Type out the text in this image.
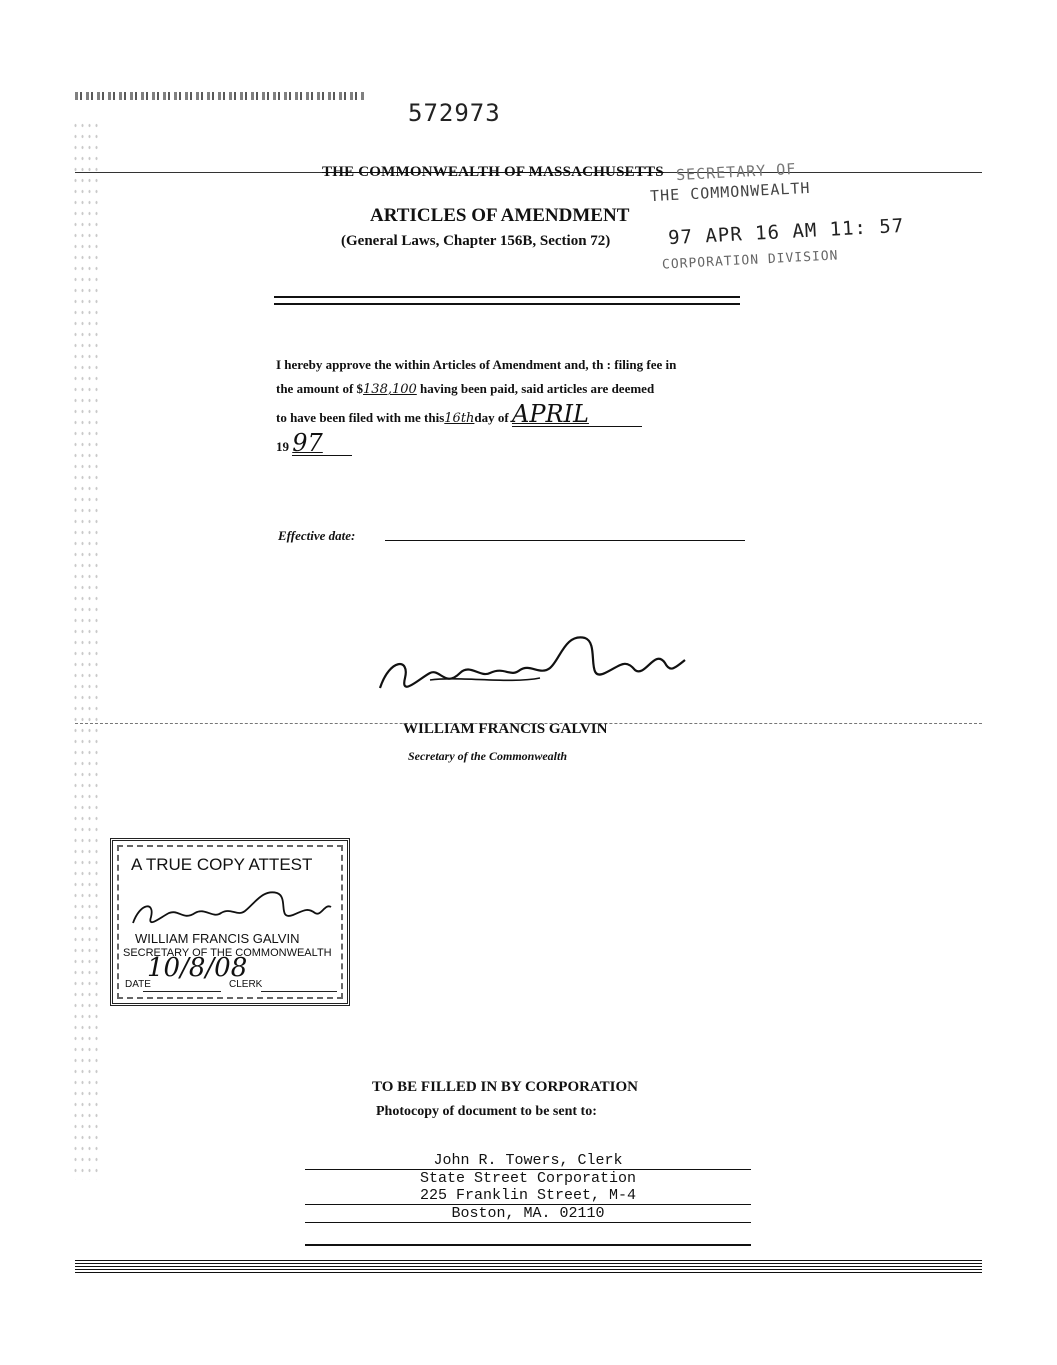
572973
THE COMMONWEALTH OF MASSACHUSETTS
ARTICLES OF AMENDMENT
(General Laws, Chapter 156B, Section 72)
SECRETARY OF
THE COMMONWEALTH
97 APR 16 AM 11: 57
CORPORATION DIVISION
I hereby approve the within Articles of Amendment and, th : filing fee in
the amount of $138,100 having been paid, said articles are deemed
to have been filed with me this16thday of APRIL
19 97
Effective date:
WILLIAM FRANCIS GALVIN
Secretary of the Commonwealth
A TRUE COPY ATTEST
WILLIAM FRANCIS GALVIN
SECRETARY OF THE COMMONWEALTH
10/8/08
DATE	CLERK
TO BE FILLED IN BY CORPORATION
Photocopy of document to be sent to:
John R. Towers, Clerk
State Street Corporation
225 Franklin Street, M-4
Boston, MA. 02110
